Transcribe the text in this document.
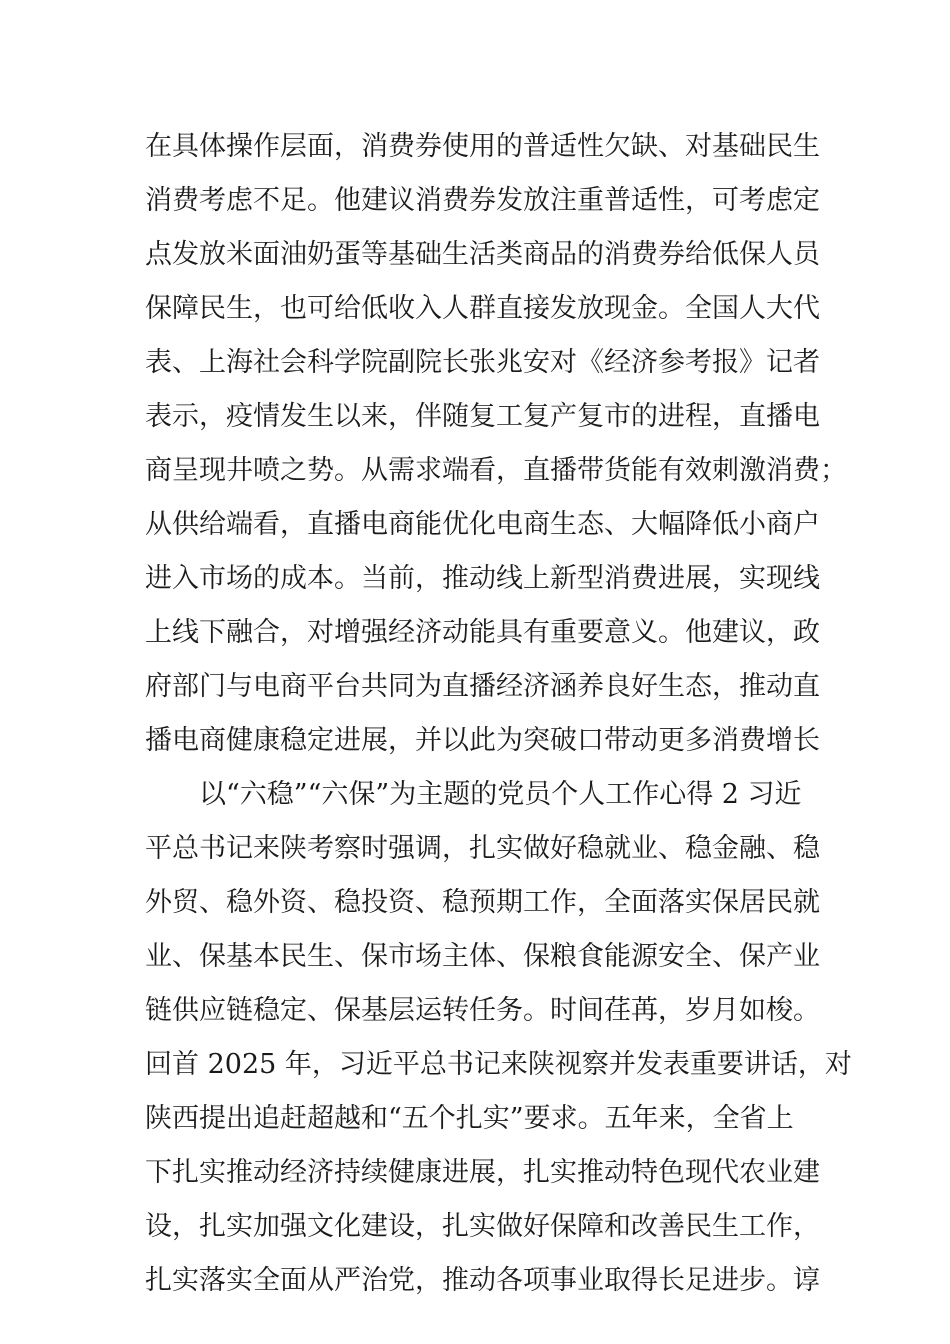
在具体操作层面，消费券使用的普适性欠缺、对基础民生
消费考虑不足。他建议消费券发放注重普适性，可考虑定
点发放米面油奶蛋等基础生活类商品的消费券给低保人员
保障民生，也可给低收入人群直接发放现金。全国人大代
表、上海社会科学院副院长张兆安对《经济参考报》记者
表示，疫情发生以来，伴随复工复产复市的进程，直播电
商呈现井喷之势。从需求端看，直播带货能有效刺激消费；
从供给端看，直播电商能优化电商生态、大幅降低小商户
进入市场的成本。当前，推动线上新型消费进展，实现线
上线下融合，对增强经济动能具有重要意义。他建议，政
府部门与电商平台共同为直播经济涵养良好生态，推动直
播电商健康稳定进展，并以此为突破口带动更多消费增长
　　以“六稳”“六保”为主题的党员个人工作心得 2 习近
平总书记来陕考察时强调，扎实做好稳就业、稳金融、稳
外贸、稳外资、稳投资、稳预期工作，全面落实保居民就
业、保基本民生、保市场主体、保粮食能源安全、保产业
链供应链稳定、保基层运转任务。时间荏苒，岁月如梭。
回首 2025 年，习近平总书记来陕视察并发表重要讲话，对
陕西提出追赶超越和“五个扎实”要求。五年来，全省上
下扎实推动经济持续健康进展，扎实推动特色现代农业建
设，扎实加强文化建设，扎实做好保障和改善民生工作，
扎实落实全面从严治党，推动各项事业取得长足进步。谆
